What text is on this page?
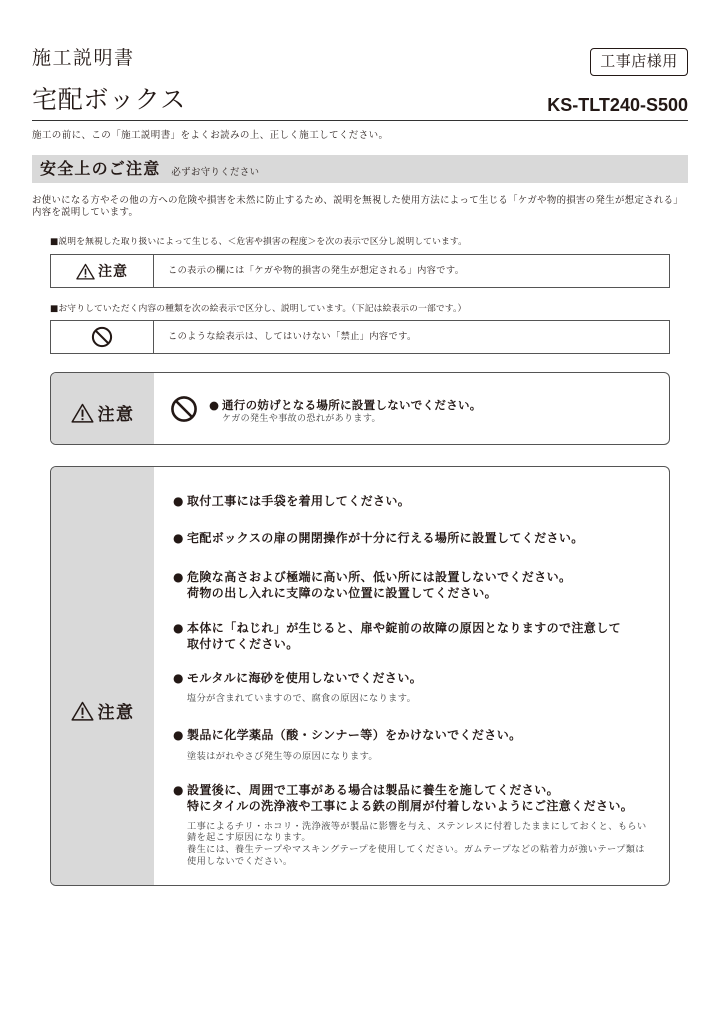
施工説明書	工事店様用
宅配ボックス	KS-TLT240-S500
施工の前に、この「施工説明書」をよくお読みの上、正しく施工してください。
安全上のご注意 必ずお守りください
お使いになる方やその他の方への危険や損害を未然に防止するため、説明を無視した使用方法によって生じる「ケガや物的損害の発生が想定される」
内容を説明しています。
■説明を無視した取り扱いによって生じる、＜危害や損害の程度＞を次の表示で区分し説明しています。
注意	この表示の欄には「ケガや物的損害の発生が想定される」内容です。
■お守りしていただく内容の種類を次の絵表示で区分し、説明しています。（下記は絵表示の一部です。）
このような絵表示は、してはいけない「禁止」内容です。
注意
● 通行の妨げとなる場所に設置しないでください。
ケガの発生や事故の恐れがあります。
注意
● 取付工事には手袋を着用してください。
● 宅配ボックスの扉の開閉操作が十分に行える場所に設置してください。
● 危険な高さおよび極端に高い所、低い所には設置しないでください。
荷物の出し入れに支障のない位置に設置してください。
● 本体に「ねじれ」が生じると、扉や錠前の故障の原因となりますので注意して
取付けてください。
● モルタルに海砂を使用しないでください。
塩分が含まれていますので、腐食の原因になります。
● 製品に化学薬品（酸・シンナー等）をかけないでください。
塗装はがれやさび発生等の原因になります。
● 設置後に、周囲で工事がある場合は製品に養生を施してください。
特にタイルの洗浄液や工事による鉄の削屑が付着しないようにご注意ください。
工事によるチリ・ホコリ・洗浄液等が製品に影響を与え、ステンレスに付着したままにしておくと、もらい
錆を起こす原因になります。
養生には、養生テープやマスキングテープを使用してください。ガムテープなどの粘着力が強いテープ類は
使用しないでください。
